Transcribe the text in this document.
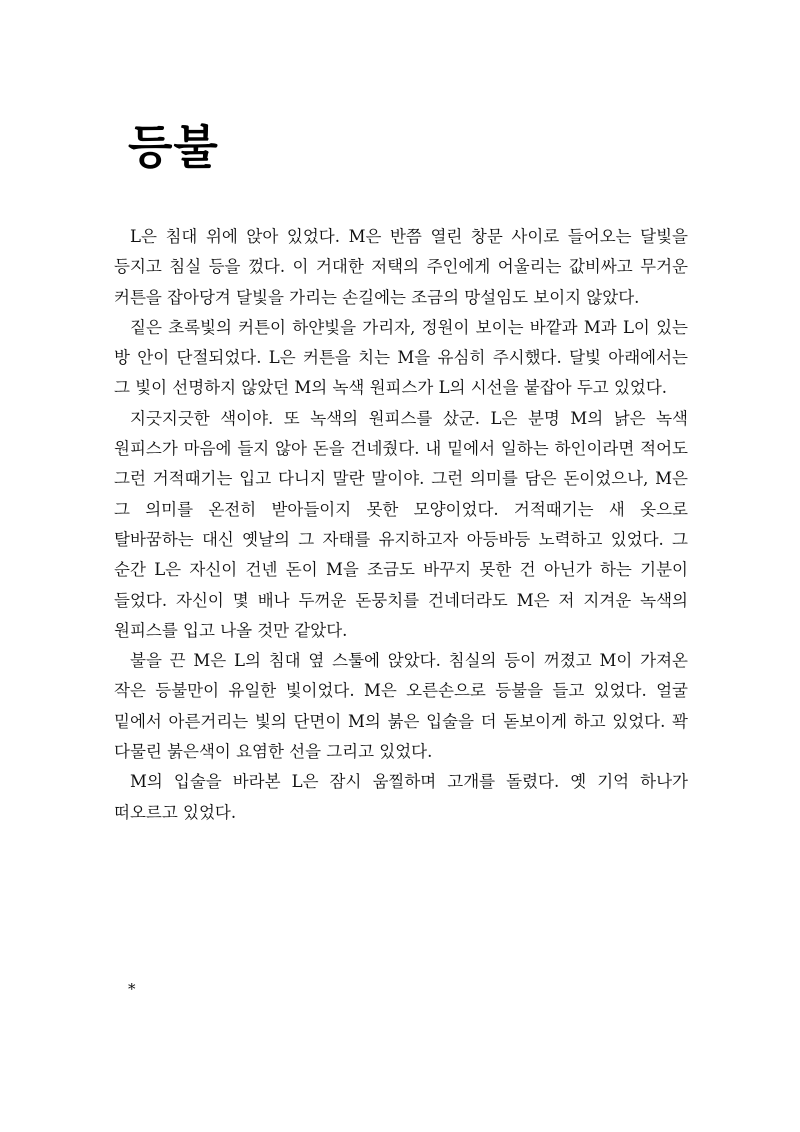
등불

L은 침대 위에 앉아 있었다. M은 반쯤 열린 창문 사이로 들어오는 달빛을 등지고 침실 등을 껐다. 이 거대한 저택의 주인에게 어울리는 값비싸고 무거운 커튼을 잡아당겨 달빛을 가리는 손길에는 조금의 망설임도 보이지 않았다.

짙은 초록빛의 커튼이 하얀빛을 가리자, 정원이 보이는 바깥과 M과 L이 있는 방 안이 단절되었다. L은 커튼을 치는 M을 유심히 주시했다. 달빛 아래에서는 그 빛이 선명하지 않았던 M의 녹색 원피스가 L의 시선을 붙잡아 두고 있었다.

지긋지긋한 색이야. 또 녹색의 원피스를 샀군. L은 분명 M의 낡은 녹색 원피스가 마음에 들지 않아 돈을 건네줬다. 내 밑에서 일하는 하인이라면 적어도 그런 거적때기는 입고 다니지 말란 말이야. 그런 의미를 담은 돈이었으나, M은 그 의미를 온전히 받아들이지 못한 모양이었다. 거적때기는 새 옷으로 탈바꿈하는 대신 옛날의 그 자태를 유지하고자 아등바등 노력하고 있었다. 그 순간 L은 자신이 건넨 돈이 M을 조금도 바꾸지 못한 건 아닌가 하는 기분이 들었다. 자신이 몇 배나 두꺼운 돈뭉치를 건네더라도 M은 저 지겨운 녹색의 원피스를 입고 나올 것만 같았다.

불을 끈 M은 L의 침대 옆 스툴에 앉았다. 침실의 등이 꺼졌고 M이 가져온 작은 등불만이 유일한 빛이었다. M은 오른손으로 등불을 들고 있었다. 얼굴 밑에서 아른거리는 빛의 단면이 M의 붉은 입술을 더 돋보이게 하고 있었다. 꽉 다물린 붉은색이 요염한 선을 그리고 있었다.

M의 입술을 바라본 L은 잠시 움찔하며 고개를 돌렸다. 옛 기억 하나가 떠오르고 있었다.

*
